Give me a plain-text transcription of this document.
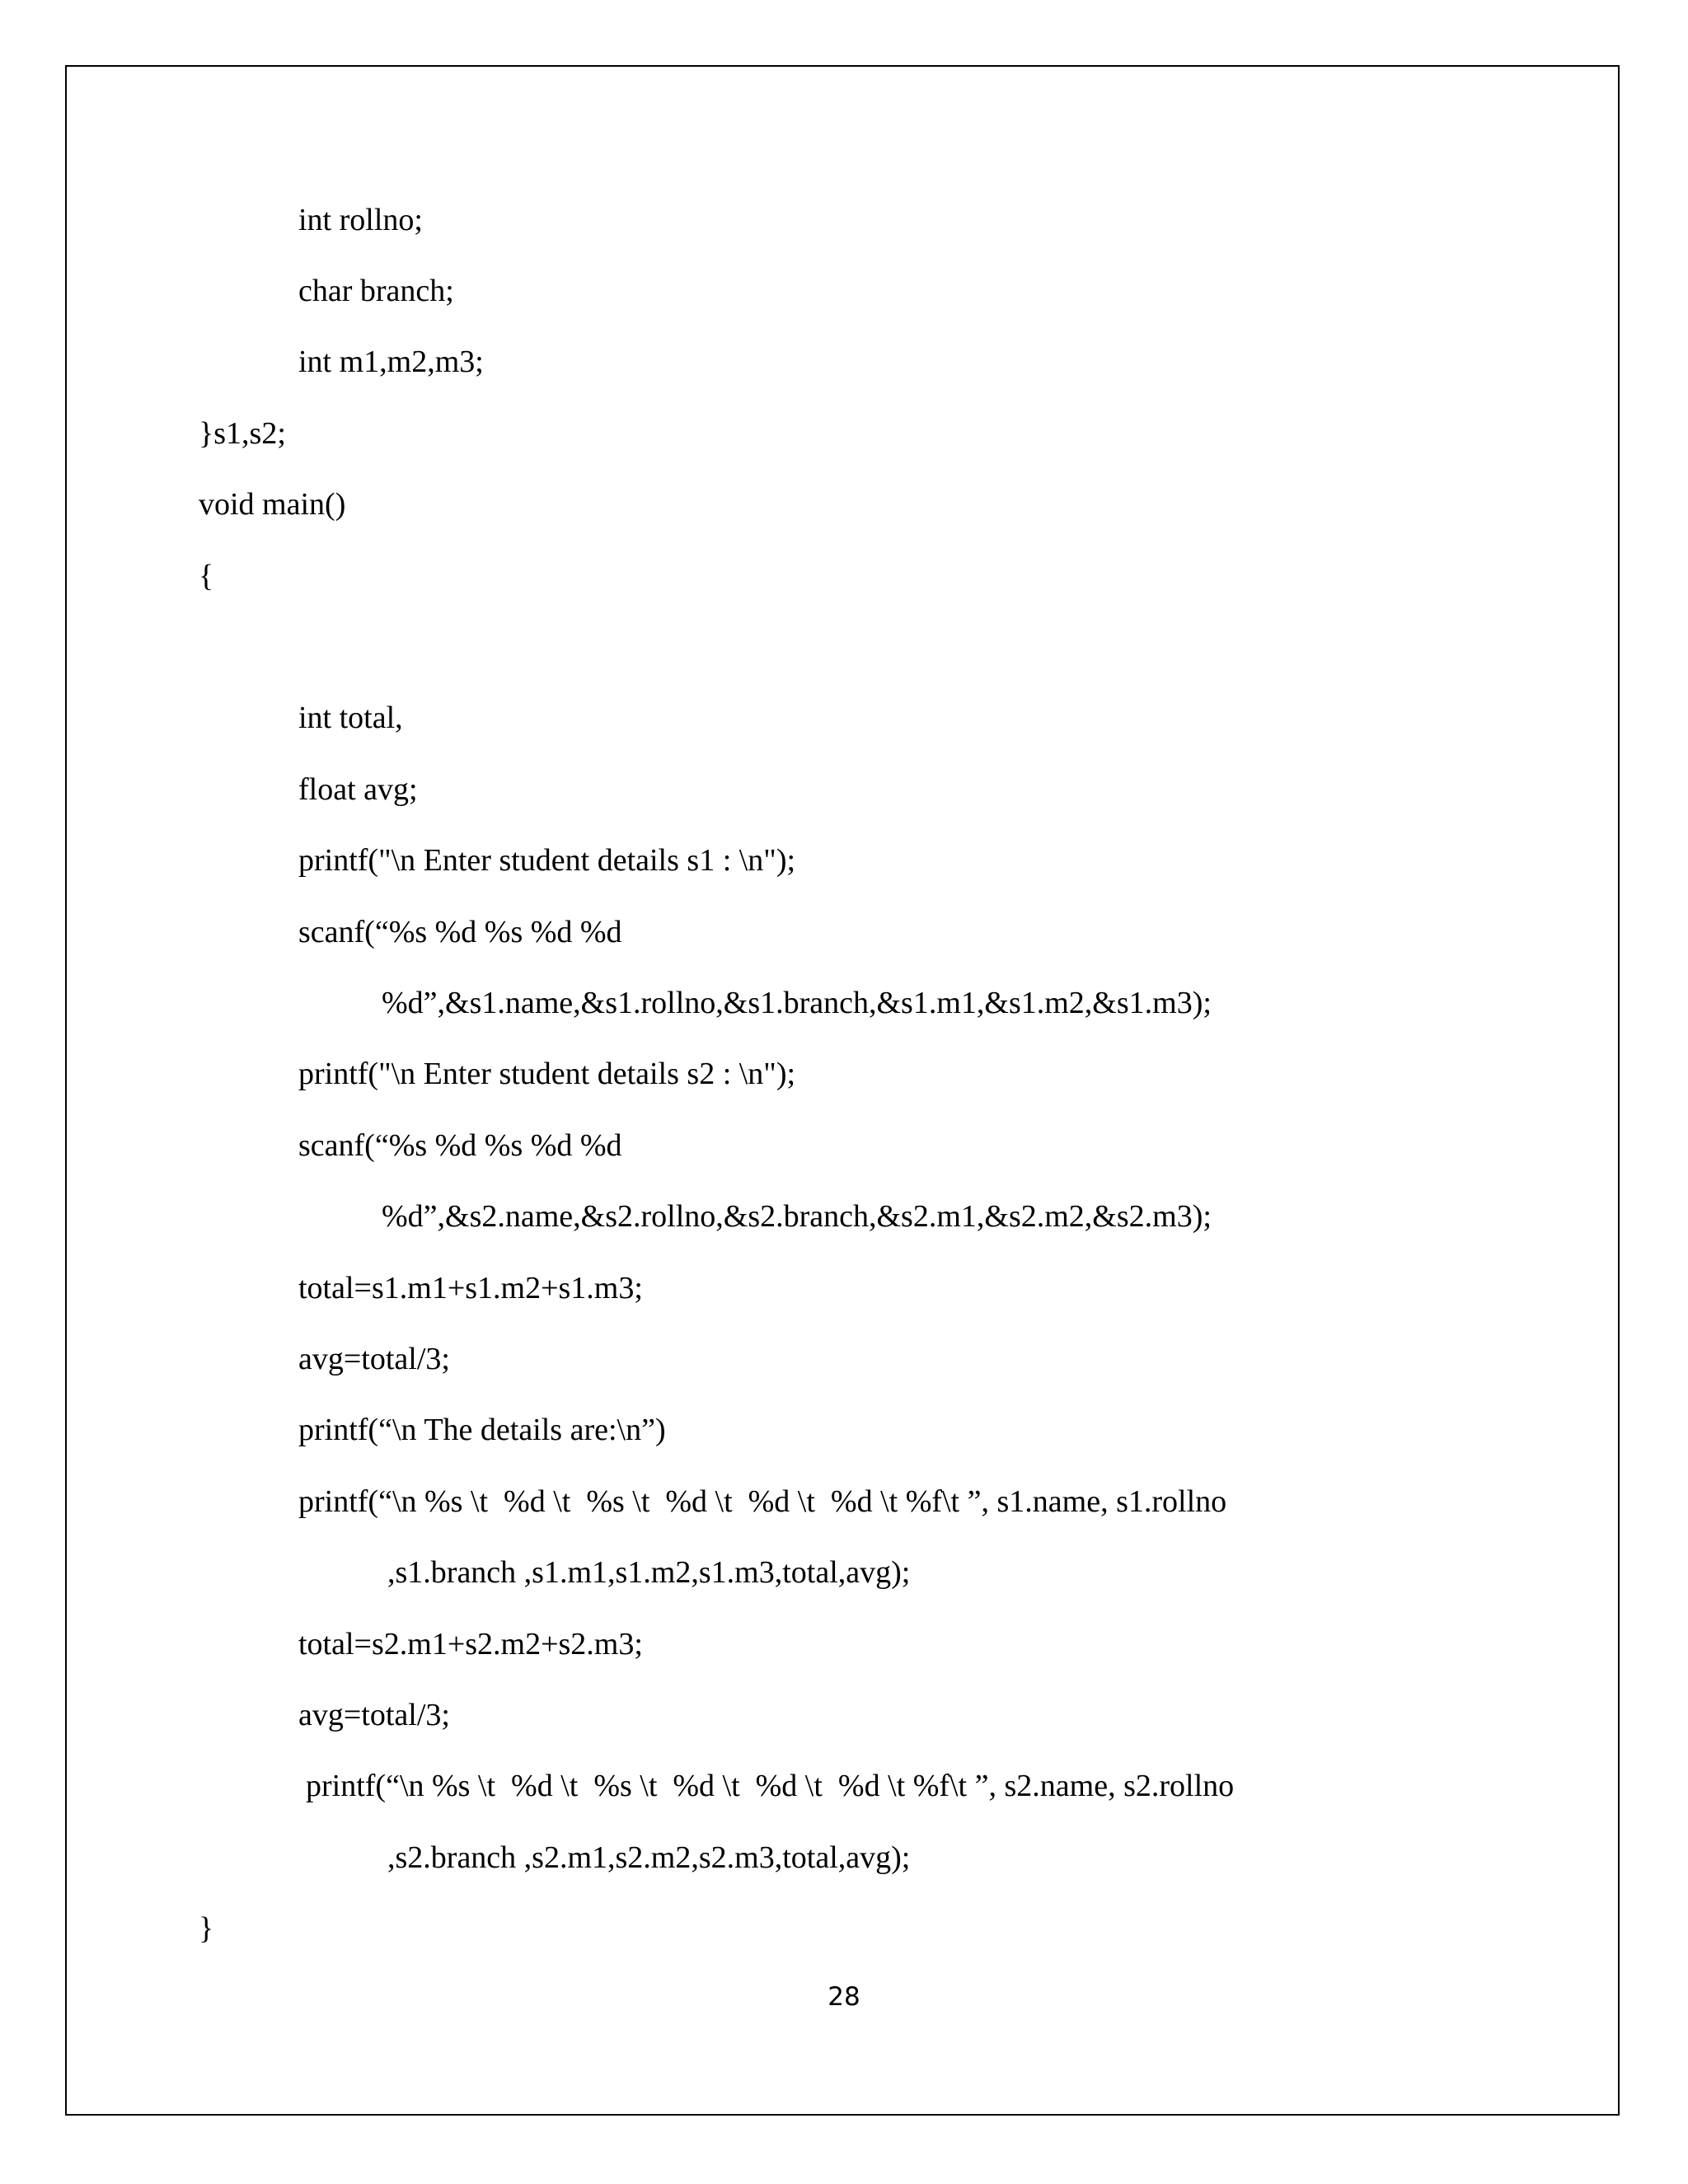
int rollno;

char branch;

int m1,m2,m3;

}s1,s2;

void main()

{

int total,

float avg;

printf("\n Enter student details s1 : \n");

scanf(“%s %d %s %d %d

%d”,&s1.name,&s1.rollno,&s1.branch,&s1.m1,&s1.m2,&s1.m3);

printf("\n Enter student details s2 : \n");

scanf(“%s %d %s %d %d

%d”,&s2.name,&s2.rollno,&s2.branch,&s2.m1,&s2.m2,&s2.m3);

total=s1.m1+s1.m2+s1.m3;

avg=total/3;

printf(“\n The details are:\n”)

printf(“\n %s \t  %d \t  %s \t  %d \t  %d \t  %d \t %f\t ”, s1.name, s1.rollno

,s1.branch ,s1.m1,s1.m2,s1.m3,total,avg);

total=s2.m1+s2.m2+s2.m3;

avg=total/3;

printf(“\n %s \t  %d \t  %s \t  %d \t  %d \t  %d \t %f\t ”, s2.name, s2.rollno

,s2.branch ,s2.m1,s2.m2,s2.m3,total,avg);

}

28
